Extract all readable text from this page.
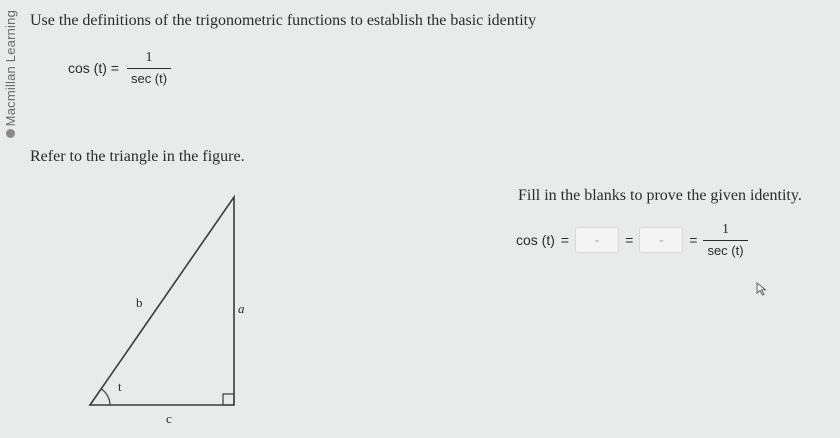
Macmillan Learning Use the definitions of the trigonometric functions to establish the basic identity
$\cos (t) = \frac{1}{\sec (t)}$
Refer to the triangle in the figure.
b	a
c
t
Fill in the blanks to prove the given identity.
cos (t) =	⌄ =	⌄ = $\frac{1}{\sec (t)}$
